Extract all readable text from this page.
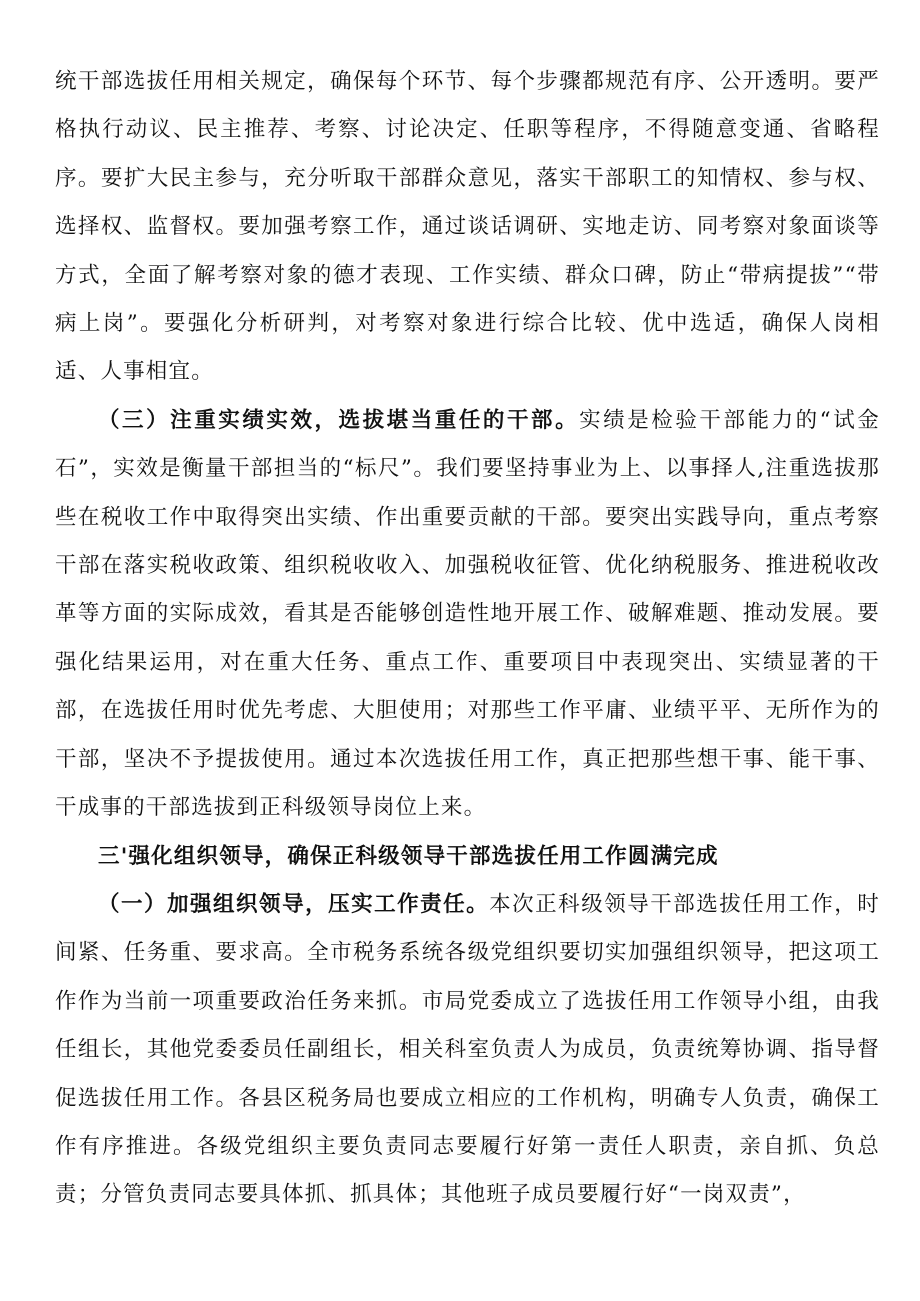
统干部选拔任用相关规定，确保每个环节、每个步骤都规范有序、公开透明。要严格执行动议、民主推荐、考察、讨论决定、任职等程序，不得随意变通、省略程序。要扩大民主参与，充分听取干部群众意见，落实干部职工的知情权、参与权、选择权、监督权。要加强考察工作，通过谈话调研、实地走访、同考察对象面谈等方式，全面了解考察对象的德才表现、工作实绩、群众口碑，防止“带病提拔”“带病上岗”。要强化分析研判，对考察对象进行综合比较、优中选适，确保人岗相适、人事相宜。

（三）注重实绩实效，选拔堪当重任的干部。实绩是检验干部能力的“试金石”，实效是衡量干部担当的“标尺”。我们要坚持事业为上、以事择人,注重选拔那些在税收工作中取得突出实绩、作出重要贡献的干部。要突出实践导向，重点考察干部在落实税收政策、组织税收收入、加强税收征管、优化纳税服务、推进税收改革等方面的实际成效，看其是否能够创造性地开展工作、破解难题、推动发展。要强化结果运用，对在重大任务、重点工作、重要项目中表现突出、实绩显著的干部，在选拔任用时优先考虑、大胆使用；对那些工作平庸、业绩平平、无所作为的干部，坚决不予提拔使用。通过本次选拔任用工作，真正把那些想干事、能干事、干成事的干部选拔到正科级领导岗位上来。

三'强化组织领导，确保正科级领导干部选拔任用工作圆满完成

（一）加强组织领导，压实工作责任。本次正科级领导干部选拔任用工作，时间紧、任务重、要求高。全市税务系统各级党组织要切实加强组织领导，把这项工作作为当前一项重要政治任务来抓。市局党委成立了选拔任用工作领导小组，由我任组长，其他党委委员任副组长，相关科室负责人为成员，负责统筹协调、指导督促选拔任用工作。各县区税务局也要成立相应的工作机构，明确专人负责，确保工作有序推进。各级党组织主要负责同志要履行好第一责任人职责，亲自抓、负总责；分管负责同志要具体抓、抓具体；其他班子成员要履行好“一岗双责”，
